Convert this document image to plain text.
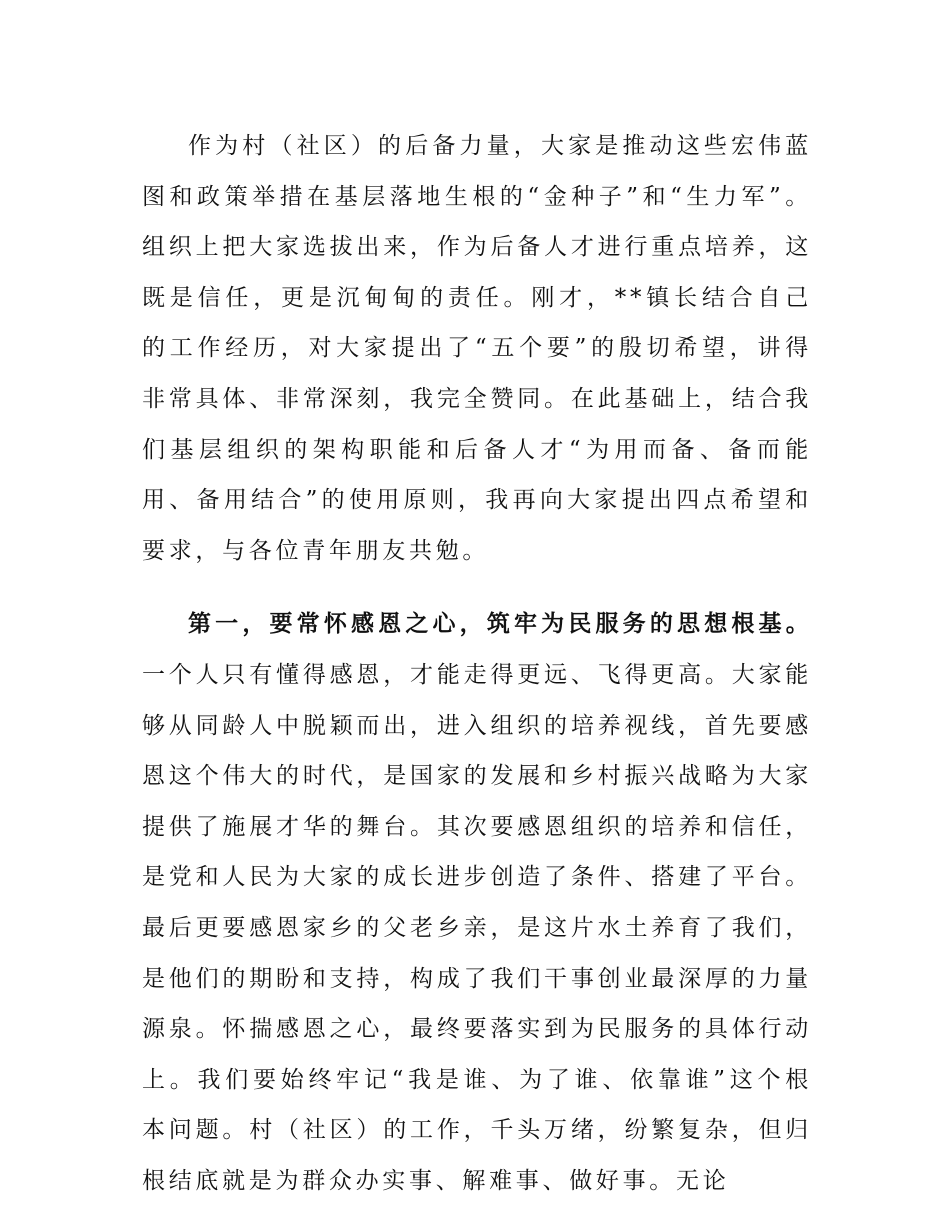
作为村（社区）的后备力量，大家是推动这些宏伟蓝图和政策举措在基层落地生根的“金种子”和“生力军”。组织上把大家选拔出来，作为后备人才进行重点培养，这既是信任，更是沉甸甸的责任。刚才，**镇长结合自己的工作经历，对大家提出了“五个要”的殷切希望，讲得非常具体、非常深刻，我完全赞同。在此基础上，结合我们基层组织的架构职能和后备人才“为用而备、备而能用、备用结合”的使用原则，我再向大家提出四点希望和要求，与各位青年朋友共勉。

第一，要常怀感恩之心，筑牢为民服务的思想根基。一个人只有懂得感恩，才能走得更远、飞得更高。大家能够从同龄人中脱颖而出，进入组织的培养视线，首先要感恩这个伟大的时代，是国家的发展和乡村振兴战略为大家提供了施展才华的舞台。其次要感恩组织的培养和信任，是党和人民为大家的成长进步创造了条件、搭建了平台。最后更要感恩家乡的父老乡亲，是这片水土养育了我们，是他们的期盼和支持，构成了我们干事创业最深厚的力量源泉。怀揣感恩之心，最终要落实到为民服务的具体行动上。我们要始终牢记“我是谁、为了谁、依靠谁”这个根本问题。村（社区）的工作，千头万绪，纷繁复杂，但归根结底就是为群众办实事、解难事、做好事。无论
